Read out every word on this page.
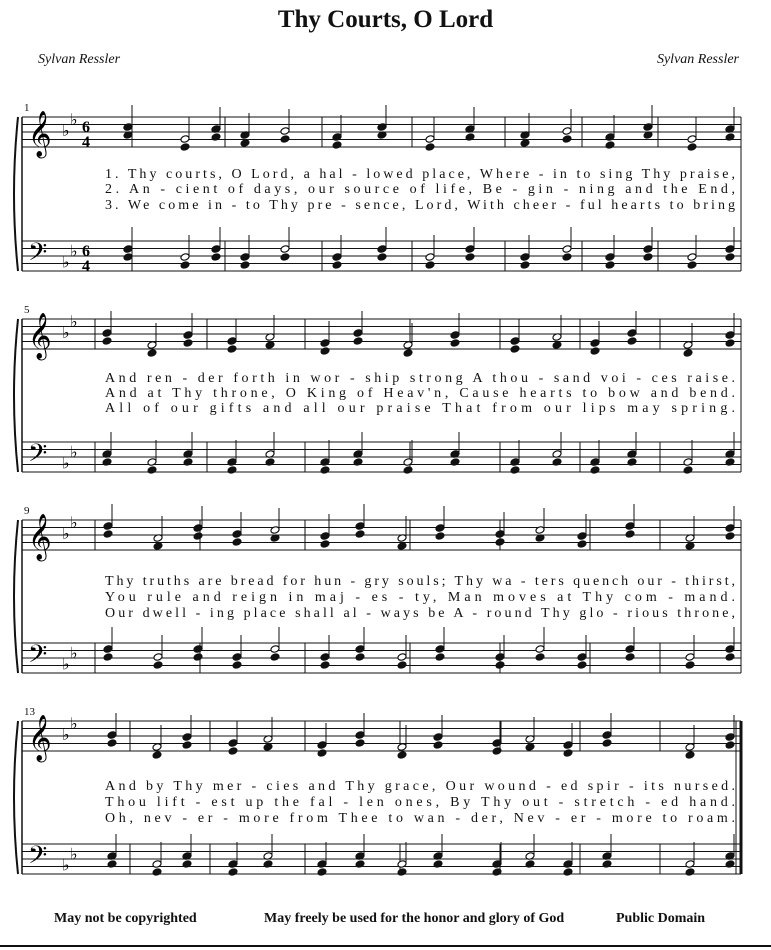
Thy Courts, O Lord
Sylvan Ressler	Sylvan Ressler
𝄞
𝄢
♭
♭
♭
♭
6
4
6
4
1
1. Thy courts, O Lord, a hal - lowed place, Where - in to sing Thy praise,
2. An - cient of days, our source of life, Be - gin - ning and the End,
3. We come in - to Thy pre - sence, Lord, With cheer - ful hearts to bring
𝄞
𝄢
♭
♭
♭
♭
5
And ren - der forth in wor - ship strong A thou - sand voi - ces raise.
And at Thy throne, O King of Heav'n, Cause hearts to bow and bend.
All of our gifts and all our praise That from our lips may spring.
𝄞
𝄢
♭
♭
♭
♭
9
Thy truths are bread for hun - gry souls; Thy wa - ters quench our - thirst,
You rule and reign in maj - es - ty, Man moves at Thy com - mand.
Our dwell - ing place shall al - ways be A - round Thy glo - rious throne,
𝄞
𝄢
♭
♭
♭
♭
13
And by Thy mer - cies and Thy grace, Our wound - ed spir - its nursed.
Thou lift - est up the fal - len ones, By Thy out - stretch - ed hand.
Oh, nev - er - more from Thee to wan - der, Nev - er - more to roam.
May not be copyrighted	May freely be used for the honor and glory of God	Public Domain
